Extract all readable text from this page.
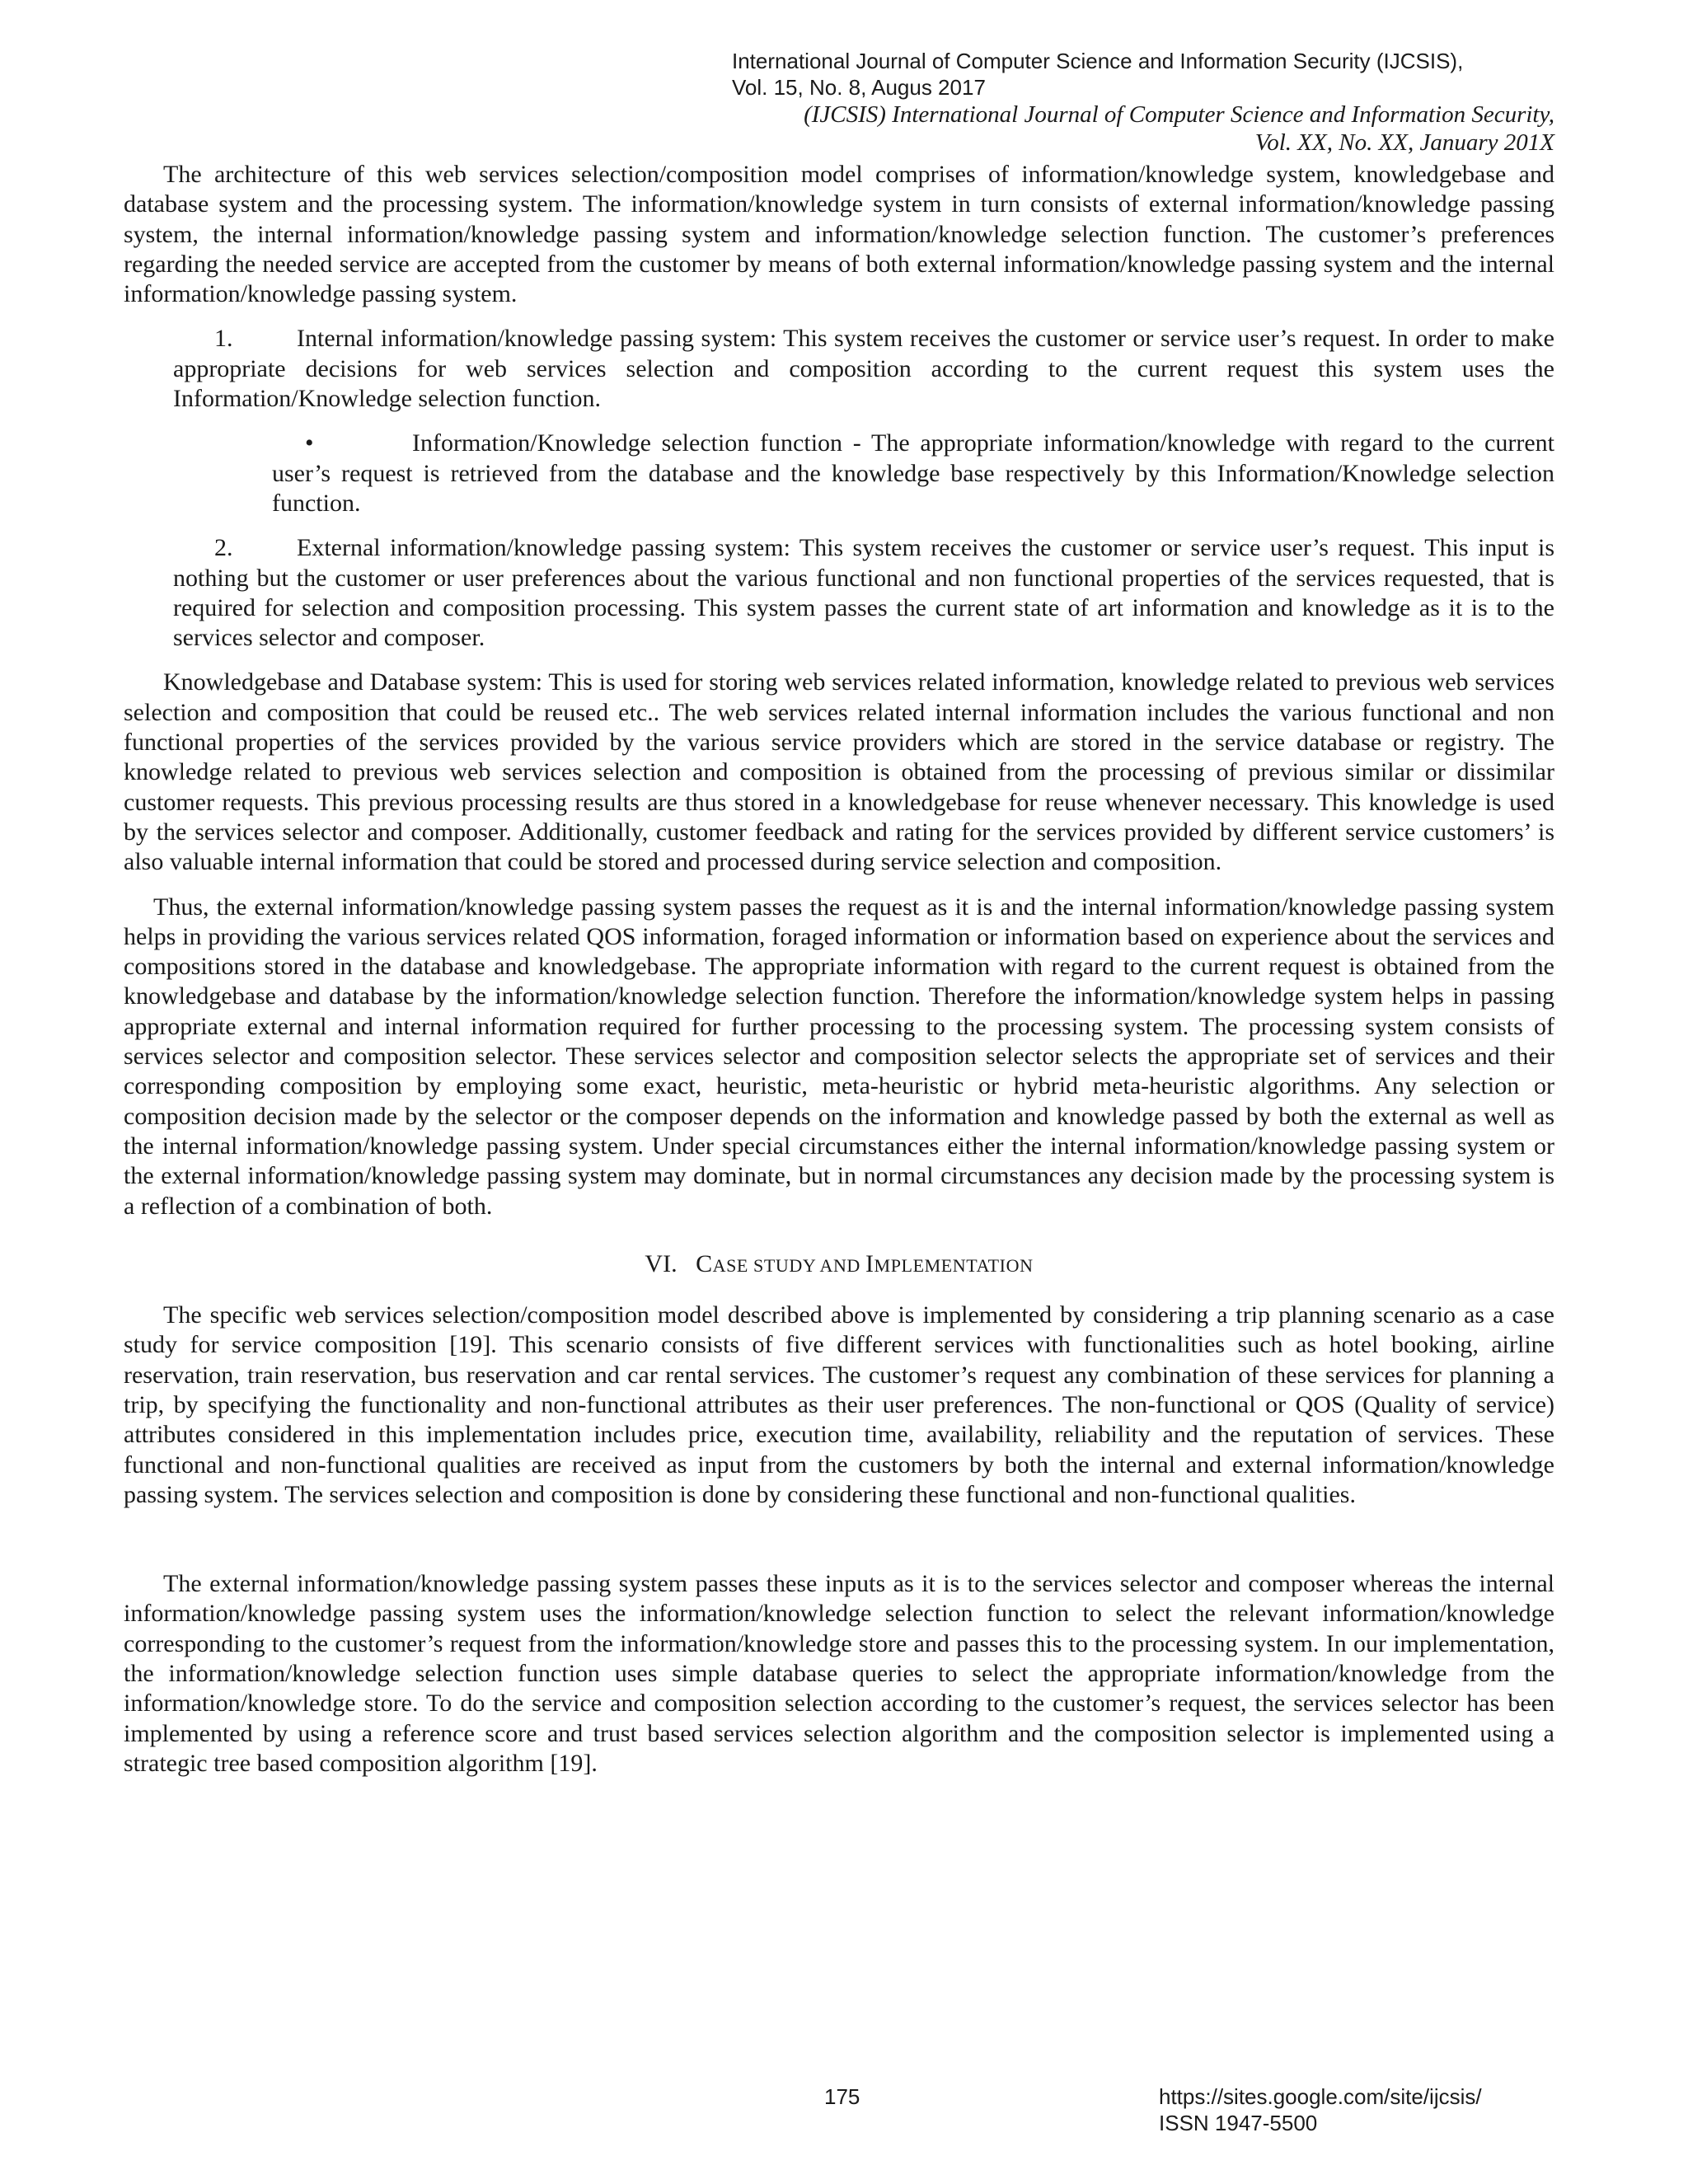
International Journal of Computer Science and Information Security (IJCSIS),
Vol. 15, No. 8, Augus 2017
(IJCSIS) International Journal of Computer Science and Information Security,
Vol. XX, No. XX, January 201X

The architecture of this web services selection/composition model comprises of information/knowledge system, knowledgebase and database system and the processing system. The information/knowledge system in turn consists of external information/knowledge passing system, the internal information/knowledge passing system and information/knowledge selection function. The customer’s preferences regarding the needed service are accepted from the customer by means of both external information/knowledge passing system and the internal information/knowledge passing system.

1.	Internal information/knowledge passing system: This system receives the customer or service user’s request. In order to make appropriate decisions for web services selection and composition according to the current request this system uses the Information/Knowledge selection function.

•	Information/Knowledge selection function - The appropriate information/knowledge with regard to the current user’s request is retrieved from the database and the knowledge base respectively by this Information/Knowledge selection function.

2.	External information/knowledge passing system: This system receives the customer or service user’s request. This input is nothing but the customer or user preferences about the various functional and non functional properties of the services requested, that is required for selection and composition processing. This system passes the current state of art information and knowledge as it is to the services selector and composer.

Knowledgebase and Database system: This is used for storing web services related information, knowledge related to previous web services selection and composition that could be reused etc.. The web services related internal information includes the various functional and non functional properties of the services provided by the various service providers which are stored in the service database or registry. The knowledge related to previous web services selection and composition is obtained from the processing of previous similar or dissimilar customer requests. This previous processing results are thus stored in a knowledgebase for reuse whenever necessary. This knowledge is used by the services selector and composer. Additionally, customer feedback and rating for the services provided by different service customers’ is also valuable internal information that could be stored and processed during service selection and composition.

Thus, the external information/knowledge passing system passes the request as it is and the internal information/knowledge passing system helps in providing the various services related QOS information, foraged information or information based on experience about the services and compositions stored in the database and knowledgebase. The appropriate information with regard to the current request is obtained from the knowledgebase and database by the information/knowledge selection function. Therefore the information/knowledge system helps in passing appropriate external and internal information required for further processing to the processing system. The processing system consists of services selector and composition selector. These services selector and composition selector selects the appropriate set of services and their corresponding composition by employing some exact, heuristic, meta-heuristic or hybrid meta-heuristic algorithms. Any selection or composition decision made by the selector or the composer depends on the information and knowledge passed by both the external as well as the internal information/knowledge passing system. Under special circumstances either the internal information/knowledge passing system or the external information/knowledge passing system may dominate, but in normal circumstances any decision made by the processing system is a reflection of a combination of both.

VI. CASE STUDY AND IMPLEMENTATION

The specific web services selection/composition model described above is implemented by considering a trip planning scenario as a case study for service composition [19]. This scenario consists of five different services with functionalities such as hotel booking, airline reservation, train reservation, bus reservation and car rental services. The customer’s request any combination of these services for planning a trip, by specifying the functionality and non-functional attributes as their user preferences. The non-functional or QOS (Quality of service) attributes considered in this implementation includes price, execution time, availability, reliability and the reputation of services. These functional and non-functional qualities are received as input from the customers by both the internal and external information/knowledge passing system. The services selection and composition is done by considering these functional and non-functional qualities.

The external information/knowledge passing system passes these inputs as it is to the services selector and composer whereas the internal information/knowledge passing system uses the information/knowledge selection function to select the relevant information/knowledge corresponding to the customer’s request from the information/knowledge store and passes this to the processing system. In our implementation, the information/knowledge selection function uses simple database queries to select the appropriate information/knowledge from the information/knowledge store. To do the service and composition selection according to the customer’s request, the services selector has been implemented by using a reference score and trust based services selection algorithm and the composition selector is implemented using a strategic tree based composition algorithm [19].

175	https://sites.google.com/site/ijcsis/
ISSN 1947-5500
